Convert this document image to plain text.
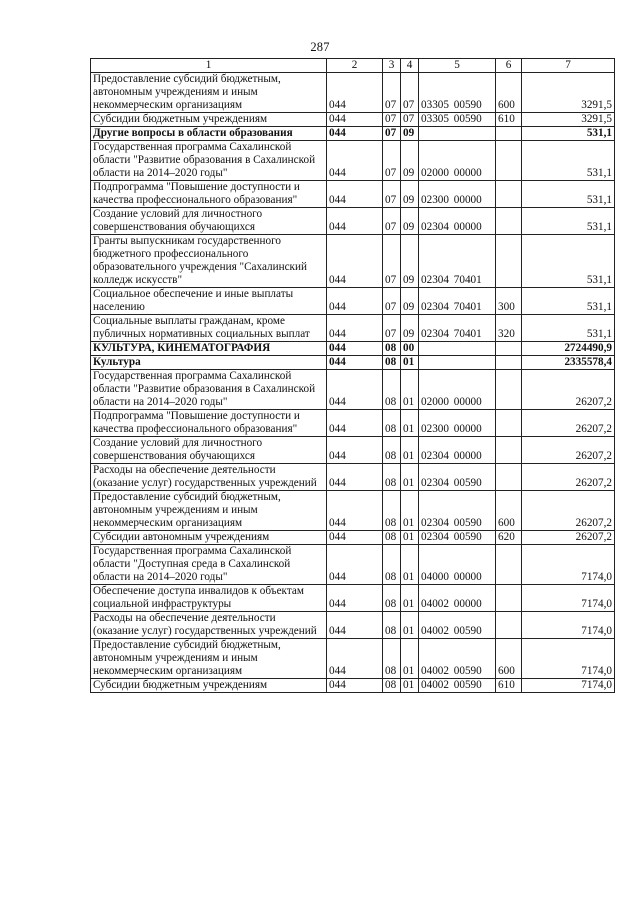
287
1	2	3	4	5	6	7
Предоставление субсидий бюджетным, автономным учреждениям и иным некоммерческим организациям	044	07	07	03305 00590	600	3291,5
Субсидии бюджетным учреждениям	044	07	07	03305 00590	610	3291,5
Другие вопросы в области образования	044	07	09			531,1
Государственная программа Сахалинской области "Развитие образования в Сахалинской области на 2014–2020 годы"	044	07	09	02000 00000		531,1
Подпрограмма "Повышение доступности и качества профессионального образования"	044	07	09	02300 00000		531,1
Создание условий для личностного совершенствования обучающихся	044	07	09	02304 00000		531,1
Гранты выпускникам государственного бюджетного профессионального образовательного учреждения "Сахалинский колледж искусств"	044	07	09	02304 70401		531,1
Социальное обеспечение и иные выплаты населению	044	07	09	02304 70401	300	531,1
Социальные выплаты гражданам, кроме публичных нормативных социальных выплат	044	07	09	02304 70401	320	531,1
КУЛЬТУРА, КИНЕМАТОГРАФИЯ	044	08	00			2724490,9
Культура	044	08	01			2335578,4
Государственная программа Сахалинской области "Развитие образования в Сахалинской области на 2014–2020 годы"	044	08	01	02000 00000		26207,2
Подпрограмма "Повышение доступности и качества профессионального образования"	044	08	01	02300 00000		26207,2
Создание условий для личностного совершенствования обучающихся	044	08	01	02304 00000		26207,2
Расходы на обеспечение деятельности (оказание услуг) государственных учреждений	044	08	01	02304 00590		26207,2
Предоставление субсидий бюджетным, автономным учреждениям и иным некоммерческим организациям	044	08	01	02304 00590	600	26207,2
Субсидии автономным учреждениям	044	08	01	02304 00590	620	26207,2
Государственная программа Сахалинской области "Доступная среда в Сахалинской области на 2014–2020 годы"	044	08	01	04000 00000		7174,0
Обеспечение доступа инвалидов к объектам социальной инфраструктуры	044	08	01	04002 00000		7174,0
Расходы на обеспечение деятельности (оказание услуг) государственных учреждений	044	08	01	04002 00590		7174,0
Предоставление субсидий бюджетным, автономным учреждениям и иным некоммерческим организациям	044	08	01	04002 00590	600	7174,0
Субсидии бюджетным учреждениям	044	08	01	04002 00590	610	7174,0
